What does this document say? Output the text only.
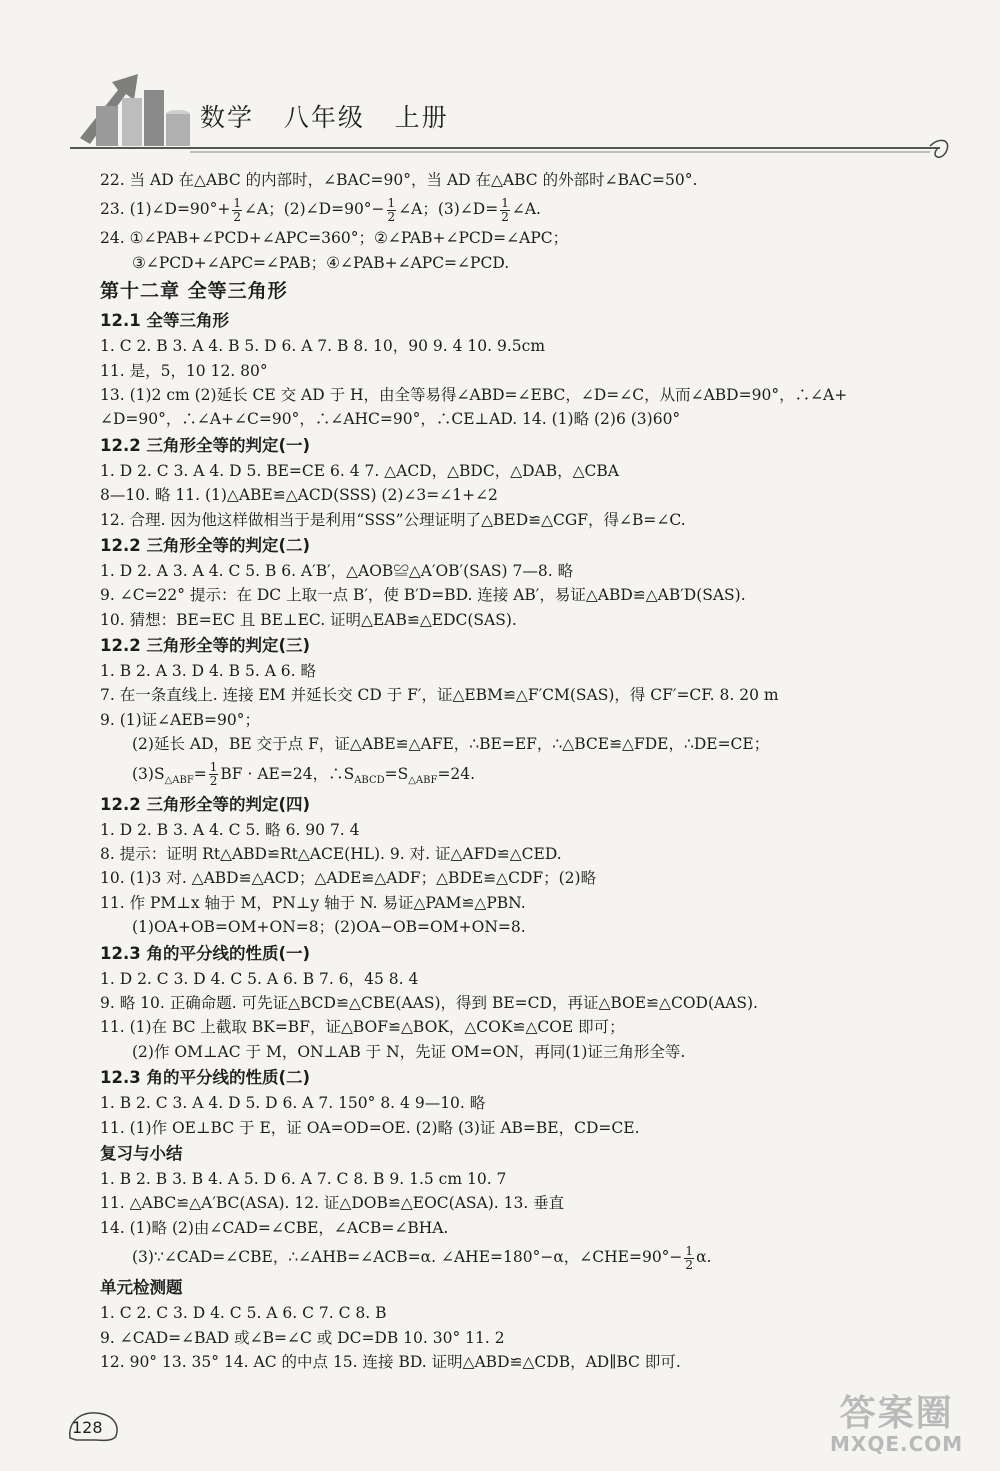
数学   八年级   上册
22. 当 AD 在△ABC 的内部时，∠BAC=90°，当 AD 在△ABC 的外部时∠BAC=50°.
23. (1)∠D=90°+ $\frac{1}{2}$ ∠A；(2)∠D=90°− $\frac{1}{2}$ ∠A；(3)∠D= $\frac{1}{2}$ ∠A.
24. ①∠PAB+∠PCD+∠APC=360°；②∠PAB+∠PCD=∠APC；
③∠PCD+∠APC=∠PAB；④∠PAB+∠APC=∠PCD.
第十二章 全等三角形
12.1 全等三角形
1. C 2. B 3. A 4. B 5. D 6. A 7. B 8. 10，90 9. 4 10. 9.5cm
11. 是，5，10 12. 80°
13. (1)2 cm (2)延长 CE 交 AD 于 H，由全等易得∠ABD=∠EBC，∠D=∠C，从而∠ABD=90°，∴∠A+
∠D=90°，∴∠A+∠C=90°，∴∠AHC=90°，∴CE⊥AD. 14. (1)略 (2)6 (3)60°
12.2 三角形全等的判定(一)
1. D 2. C 3. A 4. D 5. BE=CE 6. 4 7. △ACD，△BDC，△DAB，△CBA
8—10. 略 11. (1)△ABE≌△ACD(SSS) (2)∠3=∠1+∠2
12. 合理. 因为他这样做相当于是利用“SSS”公理证明了△BED≌△CGF，得∠B=∠C.
12.2 三角形全等的判定(二)
1. D 2. A 3. A 4. C 5. B 6. A′B′，△AOB≌△A′OB′(SAS) 7—8. 略
9. ∠C=22° 提示：在 DC 上取一点 B′，使 B′D=BD. 连接 AB′，易证△ABD≌△AB′D(SAS).
10. 猜想：BE=EC 且 BE⊥EC. 证明△EAB≌△EDC(SAS).
12.2 三角形全等的判定(三)
1. B 2. A 3. D 4. B 5. A 6. 略
7. 在一条直线上. 连接 EM 并延长交 CD 于 F′，证△EBM≌△F′CM(SAS)，得 CF′=CF. 8. 20 m
9. (1)证∠AEB=90°；
(2)延长 AD，BE 交于点 F，证△ABE≌△AFE，∴BE=EF，∴△BCE≌△FDE，∴DE=CE；
$(3)S_{\triangle ABF}= \frac{1}{2}$ BF · AE=24，$\therefore S_{ABCD}=S_{\triangle ABF}=24$.
12.2 三角形全等的判定(四)
1. D 2. B 3. A 4. C 5. 略 6. 90 7. 4
8. 提示：证明 Rt△ABD≌Rt△ACE(HL). 9. 对. 证△AFD≌△CED.
10. (1)3 对. △ABD≌△ACD；△ADE≌△ADF；△BDE≌△CDF；(2)略
11. 作 PM⊥x 轴于 M，PN⊥y 轴于 N. 易证△PAM≌△PBN.
(1)OA+OB=OM+ON=8；(2)OA−OB=OM+ON=8.
12.3 角的平分线的性质(一)
1. D 2. C 3. D 4. C 5. A 6. B 7. 6，45 8. 4
9. 略 10. 正确命题. 可先证△BCD≌△CBE(AAS)，得到 BE=CD，再证△BOE≌△COD(AAS).
11. (1)在 BC 上截取 BK=BF，证△BOF≌△BOK，△COK≌△COE 即可；
(2)作 OM⊥AC 于 M，ON⊥AB 于 N，先证 OM=ON，再同(1)证三角形全等.
12.3 角的平分线的性质(二)
1. B 2. C 3. A 4. D 5. D 6. A 7. 150° 8. 4 9—10. 略
11. (1)作 OE⊥BC 于 E，证 OA=OD=OE. (2)略 (3)证 AB=BE，CD=CE.
复习与小结
1. B 2. B 3. B 4. A 5. D 6. A 7. C 8. B 9. 1.5 cm 10. 7
11. △ABC≌△A′BC(ASA). 12. 证△DOB≌△EOC(ASA). 13. 垂直
14. (1)略 (2)由∠CAD=∠CBE，∠ACB=∠BHA.
(3)∵∠CAD=∠CBE，∴∠AHB=∠ACB=α. ∠AHE=180°−α，∠CHE=90°− $\frac{1}{2} \alpha$.
单元检测题
1. C 2. C 3. D 4. C 5. A 6. C 7. C 8. B
9. ∠CAD=∠BAD 或∠B=∠C 或 DC=DB 10. 30° 11. 2
12. 90° 13. 35° 14. AC 的中点 15. 连接 BD. 证明△ABD≌△CDB，AD∥BC 即可.
128	答案圈
MXQE.COM
